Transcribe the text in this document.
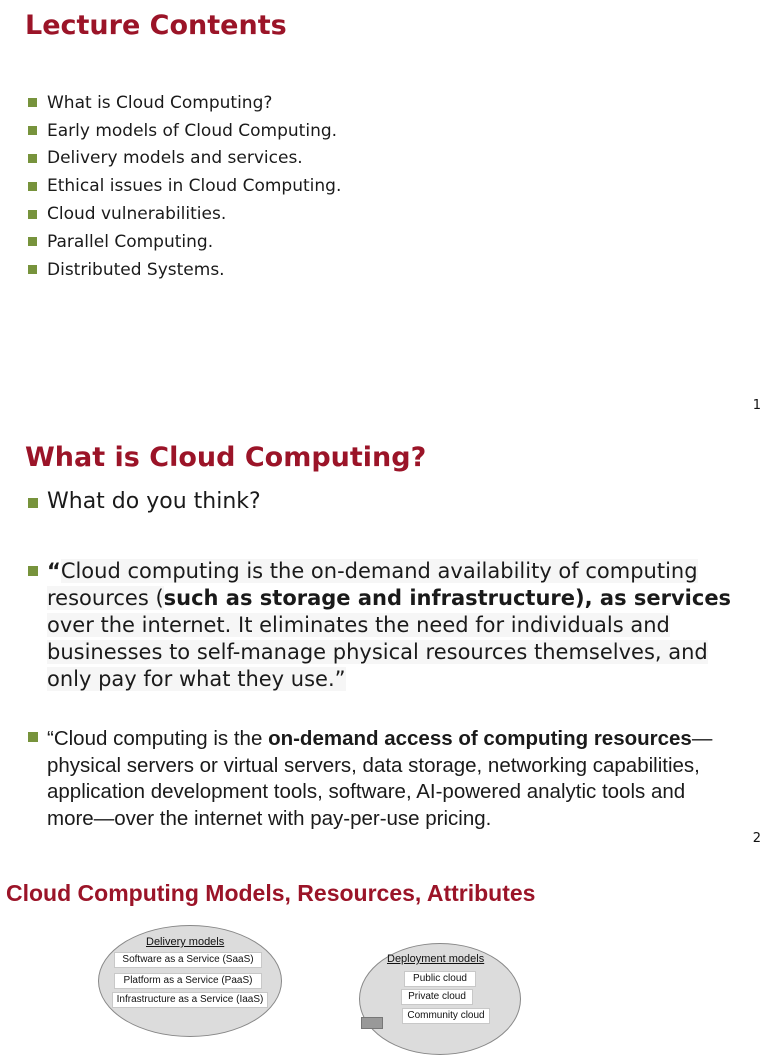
Lecture Contents
What is Cloud Computing?
Early models of Cloud Computing.
Delivery models and services.
Ethical issues in Cloud Computing.
Cloud vulnerabilities.
Parallel Computing.
Distributed Systems.
1
What is Cloud Computing?
What do you think?
“Cloud computing is the on-demand availability of computing resources (such as storage and infrastructure), as services over the internet. It eliminates the need for individuals and businesses to self-manage physical resources themselves, and only pay for what they use.”
“Cloud computing is the on-demand access of computing resources—physical servers or virtual servers, data storage, networking capabilities, application development tools, software, AI-powered analytic tools and more—over the internet with pay-per-use pricing.
2
Cloud Computing Models, Resources, Attributes
Delivery models
Software as a Service (SaaS)
Platform as a Service (PaaS)
Infrastructure as a Service (IaaS)
Deployment models
Public cloud
Private cloud
Community cloud
